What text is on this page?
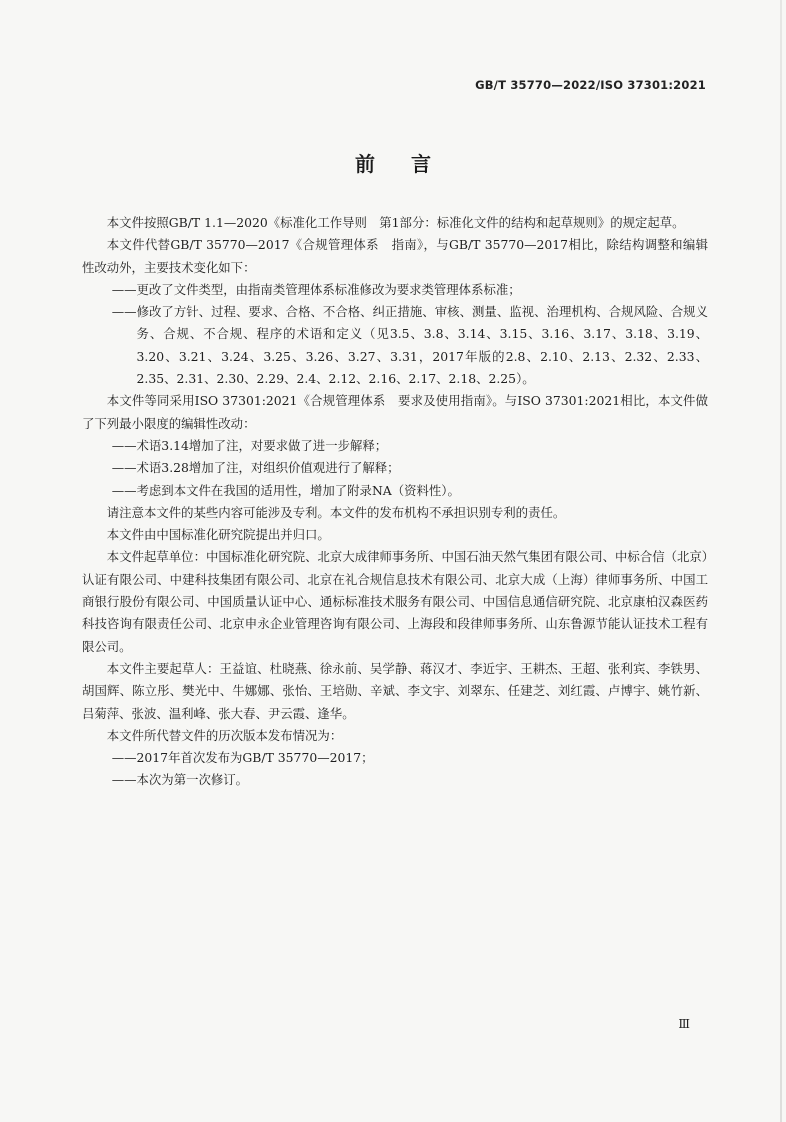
GB/T 35770—2022/ISO 37301:2021
前言

本文件按照GB/T 1.1—2020《标准化工作导则　第1部分：标准化文件的结构和起草规则》的规定起草。

本文件代替GB/T 35770—2017《合规管理体系　指南》，与GB/T 35770—2017相比，除结构调整和编辑性改动外，主要技术变化如下：

——更改了文件类型，由指南类管理体系标准修改为要求类管理体系标准；

——修改了方针、过程、要求、合格、不合格、纠正措施、审核、测量、监视、治理机构、合规风险、合规义务、合规、不合规、程序的术语和定义（见3.5、3.8、3.14、3.15、3.16、3.17、3.18、3.19、3.20、3.21、3.24、3.25、3.26、3.27、3.31，2017年版的2.8、2.10、2.13、2.32、2.33、2.35、2.31、2.30、2.29、2.4、2.12、2.16、2.17、2.18、2.25）。

本文件等同采用ISO 37301:2021《合规管理体系　要求及使用指南》。与ISO 37301:2021相比，本文件做了下列最小限度的编辑性改动：

——术语3.14增加了注，对要求做了进一步解释；

——术语3.28增加了注，对组织价值观进行了解释；

——考虑到本文件在我国的适用性，增加了附录NA（资料性）。

请注意本文件的某些内容可能涉及专利。本文件的发布机构不承担识别专利的责任。

本文件由中国标准化研究院提出并归口。

本文件起草单位：中国标准化研究院、北京大成律师事务所、中国石油天然气集团有限公司、中标合信（北京）认证有限公司、中建科技集团有限公司、北京在礼合规信息技术有限公司、北京大成（上海）律师事务所、中国工商银行股份有限公司、中国质量认证中心、通标标准技术服务有限公司、中国信息通信研究院、北京康柏汉森医药科技咨询有限责任公司、北京申永企业管理咨询有限公司、上海段和段律师事务所、山东鲁源节能认证技术工程有限公司。

本文件主要起草人：王益谊、杜晓燕、徐永前、吴学静、蒋汉才、李近宇、王耕杰、王超、张利宾、李铁男、胡国辉、陈立彤、樊光中、牛娜娜、张怡、王培勋、辛斌、李文宇、刘翠东、任建芝、刘红霞、卢博宇、姚竹新、吕菊萍、张波、温利峰、张大春、尹云霞、逢华。

本文件所代替文件的历次版本发布情况为：

——2017年首次发布为GB/T 35770—2017；

——本次为第一次修订。

Ⅲ
